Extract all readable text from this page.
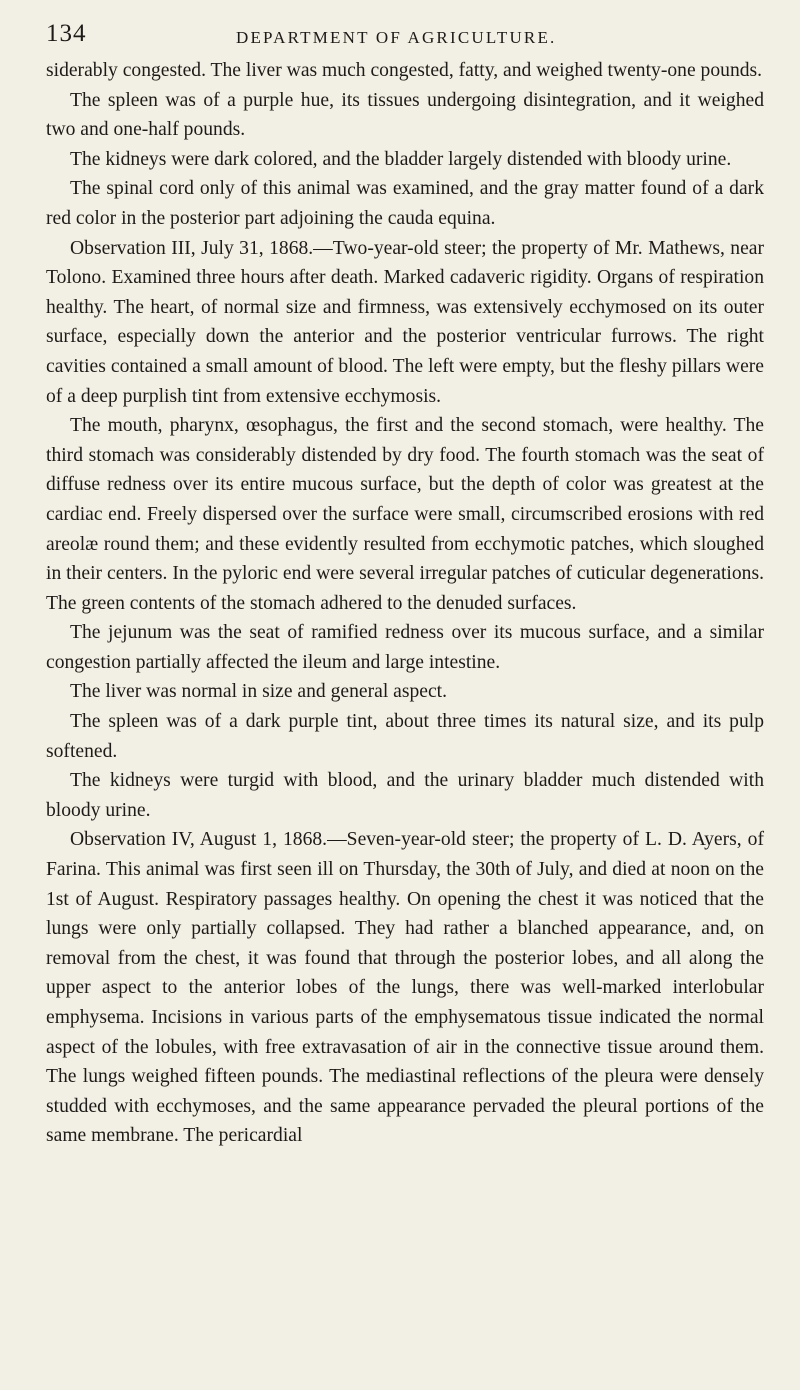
134	DEPARTMENT OF AGRICULTURE.

siderably congested. The liver was much congested, fatty, and weighed twenty-one pounds.

The spleen was of a purple hue, its tissues undergoing disintegration, and it weighed two and one-half pounds.

The kidneys were dark colored, and the bladder largely distended with bloody urine.

The spinal cord only of this animal was examined, and the gray matter found of a dark red color in the posterior part adjoining the cauda equina.

Observation III, July 31, 1868.—Two-year-old steer; the property of Mr. Mathews, near Tolono. Examined three hours after death. Marked cadaveric rigidity. Organs of respiration healthy. The heart, of normal size and firmness, was extensively ecchymosed on its outer surface, especially down the anterior and the posterior ventricular furrows. The right cavities contained a small amount of blood. The left were empty, but the fleshy pillars were of a deep purplish tint from extensive ecchymosis.

The mouth, pharynx, œsophagus, the first and the second stomach, were healthy. The third stomach was considerably distended by dry food. The fourth stomach was the seat of diffuse redness over its entire mucous surface, but the depth of color was greatest at the cardiac end. Freely dispersed over the surface were small, circumscribed erosions with red areolæ round them; and these evidently resulted from ecchymotic patches, which sloughed in their centers. In the pyloric end were several irregular patches of cuticular degenerations. The green contents of the stomach adhered to the denuded surfaces.

The jejunum was the seat of ramified redness over its mucous surface, and a similar congestion partially affected the ileum and large intestine.

The liver was normal in size and general aspect.

The spleen was of a dark purple tint, about three times its natural size, and its pulp softened.

The kidneys were turgid with blood, and the urinary bladder much distended with bloody urine.

Observation IV, August 1, 1868.—Seven-year-old steer; the property of L. D. Ayers, of Farina. This animal was first seen ill on Thursday, the 30th of July, and died at noon on the 1st of August. Respiratory passages healthy. On opening the chest it was noticed that the lungs were only partially collapsed. They had rather a blanched appearance, and, on removal from the chest, it was found that through the posterior lobes, and all along the upper aspect to the anterior lobes of the lungs, there was well-marked interlobular emphysema. Incisions in various parts of the emphysematous tissue indicated the normal aspect of the lobules, with free extravasation of air in the connective tissue around them. The lungs weighed fifteen pounds. The mediastinal reflections of the pleura were densely studded with ecchymoses, and the same appearance pervaded the pleural portions of the same membrane. The pericardial
